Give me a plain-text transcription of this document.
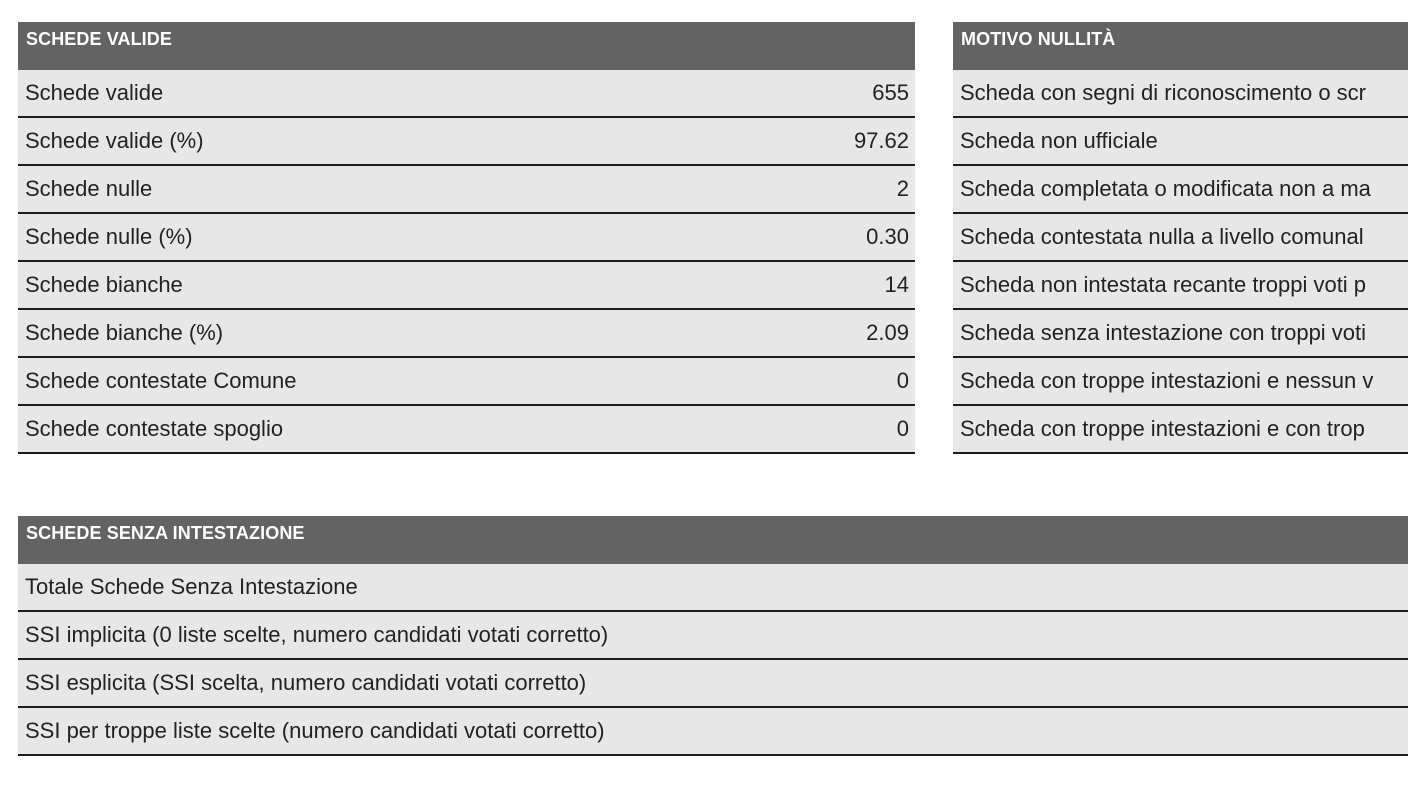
SCHEDE VALIDE
Schede valide	655
Schede valide (%)	97.62
Schede nulle	2
Schede nulle (%)	0.30
Schede bianche	14
Schede bianche (%)	2.09
Schede contestate Comune	0
Schede contestate spoglio	0
MOTIVO NULLITÀ
Scheda con segni di riconoscimento o scr
Scheda non ufficiale
Scheda completata o modificata non a ma
Scheda contestata nulla a livello comunal
Scheda non intestata recante troppi voti p
Scheda senza intestazione con troppi voti
Scheda con troppe intestazioni e nessun v
Scheda con troppe intestazioni e con trop
SCHEDE SENZA INTESTAZIONE
Totale Schede Senza Intestazione
SSI implicita (0 liste scelte, numero candidati votati corretto)
SSI esplicita (SSI scelta, numero candidati votati corretto)
SSI per troppe liste scelte (numero candidati votati corretto)
